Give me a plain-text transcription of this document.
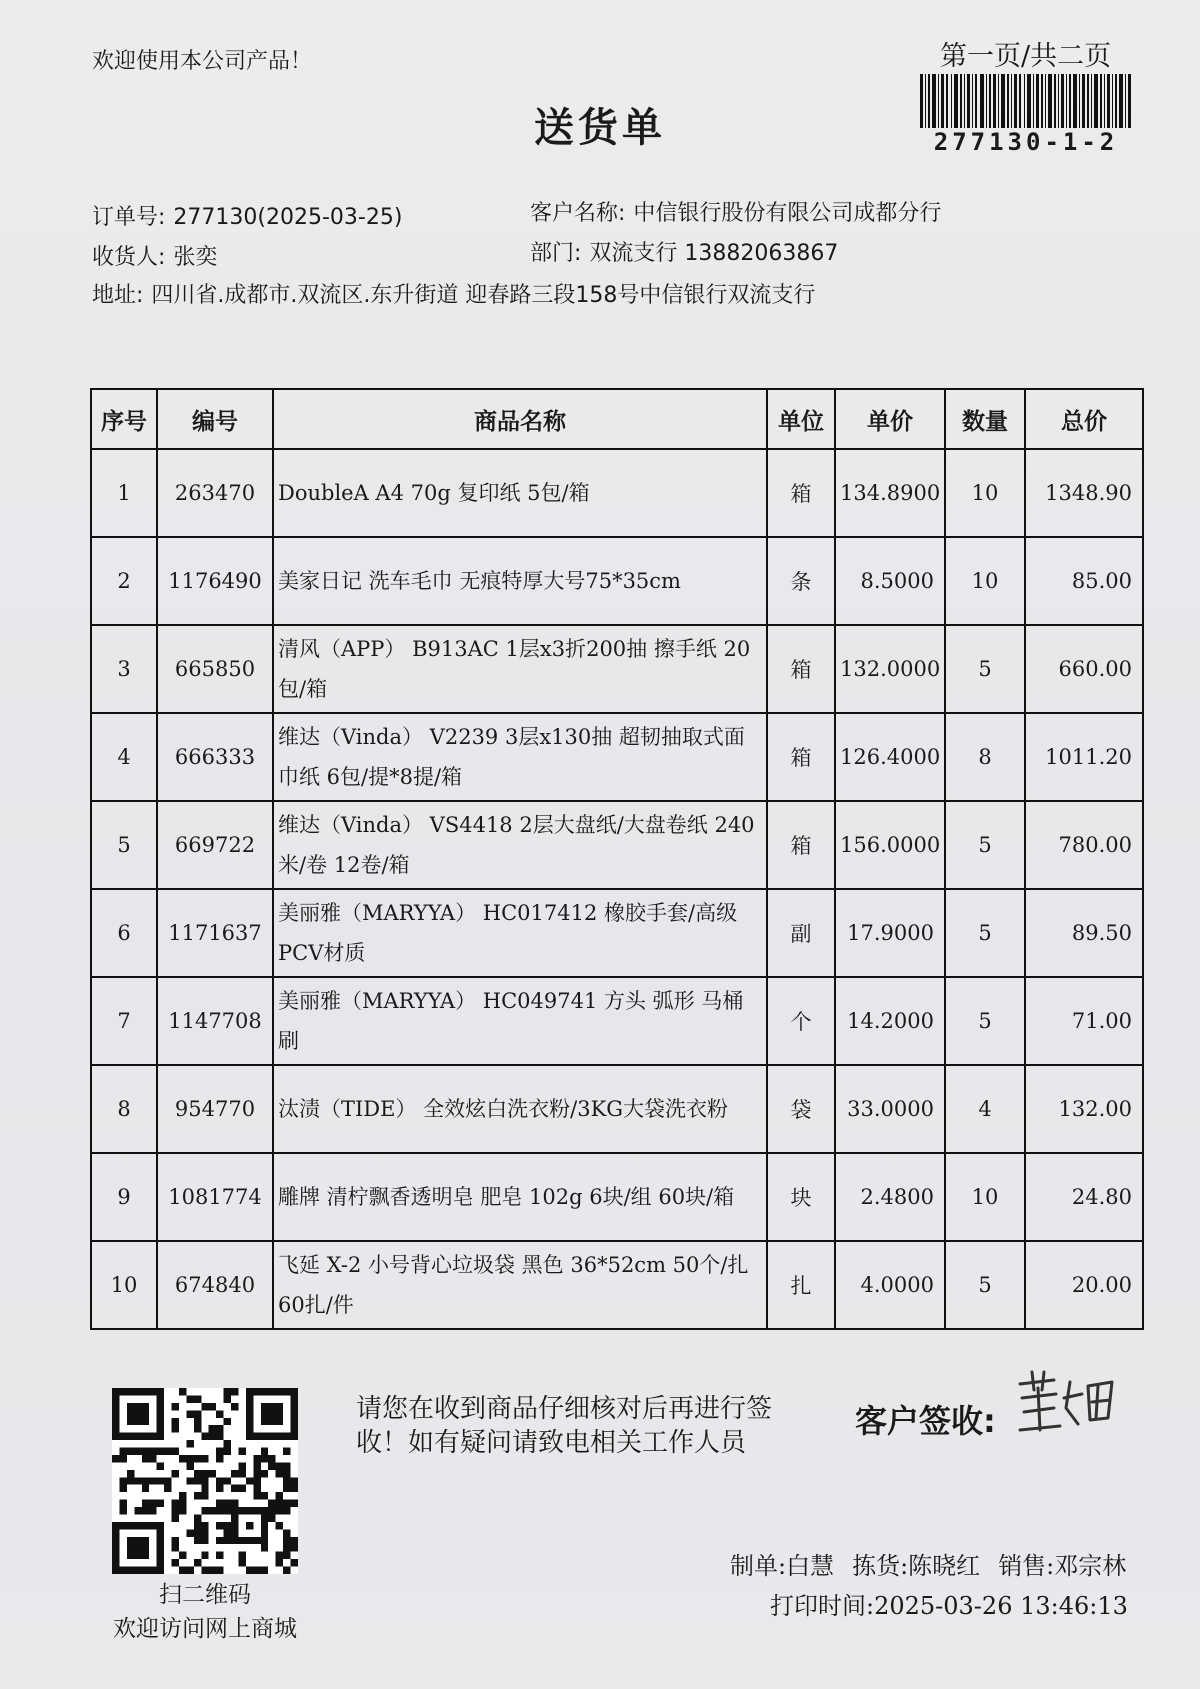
欢迎使用本公司产品！
送货单
第一页/共二页
277130-1-2
订单号: 277130(2025-03-25)	客户名称: 中信银行股份有限公司成都分行
收货人: 张奕	部门: 双流支行 13882063867
地址: 四川省.成都市.双流区.东升街道 迎春路三段158号中信银行双流支行
序号	编号	商品名称	单位	单价	数量	总价
1	263470	DoubleA A4 70g 复印纸 5包/箱	箱	134.8900	10	1348.90
2	1176490	美家日记 洗车毛巾 无痕特厚大号75*35cm	条	8.5000	10	85.00
3	665850	清风（APP） B913AC 1层x3折200抽 擦手纸 20包/箱	箱	132.0000	5	660.00
4	666333	维达（Vinda） V2239 3层x130抽 超韧抽取式面巾纸 6包/提*8提/箱	箱	126.4000	8	1011.20
5	669722	维达（Vinda） VS4418 2层大盘纸/大盘卷纸 240米/卷 12卷/箱	箱	156.0000	5	780.00
6	1171637	美丽雅（MARYYA） HC017412 橡胶手套/高级PCV材质	副	17.9000	5	89.50
7	1147708	美丽雅（MARYYA） HC049741 方头 弧形 马桶刷	个	14.2000	5	71.00
8	954770	汰渍（TIDE） 全效炫白洗衣粉/3KG大袋洗衣粉	袋	33.0000	4	132.00
9	1081774	雕牌 清柠飘香透明皂 肥皂 102g 6块/组 60块/箱	块	2.4800	10	24.80
10	674840	飞延 X-2 小号背心垃圾袋 黑色 36*52cm 50个/扎 60扎/件	扎	4.0000	5	20.00
扫二维码
欢迎访问网上商城
请您在收到商品仔细核对后再进行签收！如有疑问请致电相关工作人员
客户签收:
制单:白慧 拣货:陈晓红 销售:邓宗林
打印时间:2025-03-26 13:46:13
